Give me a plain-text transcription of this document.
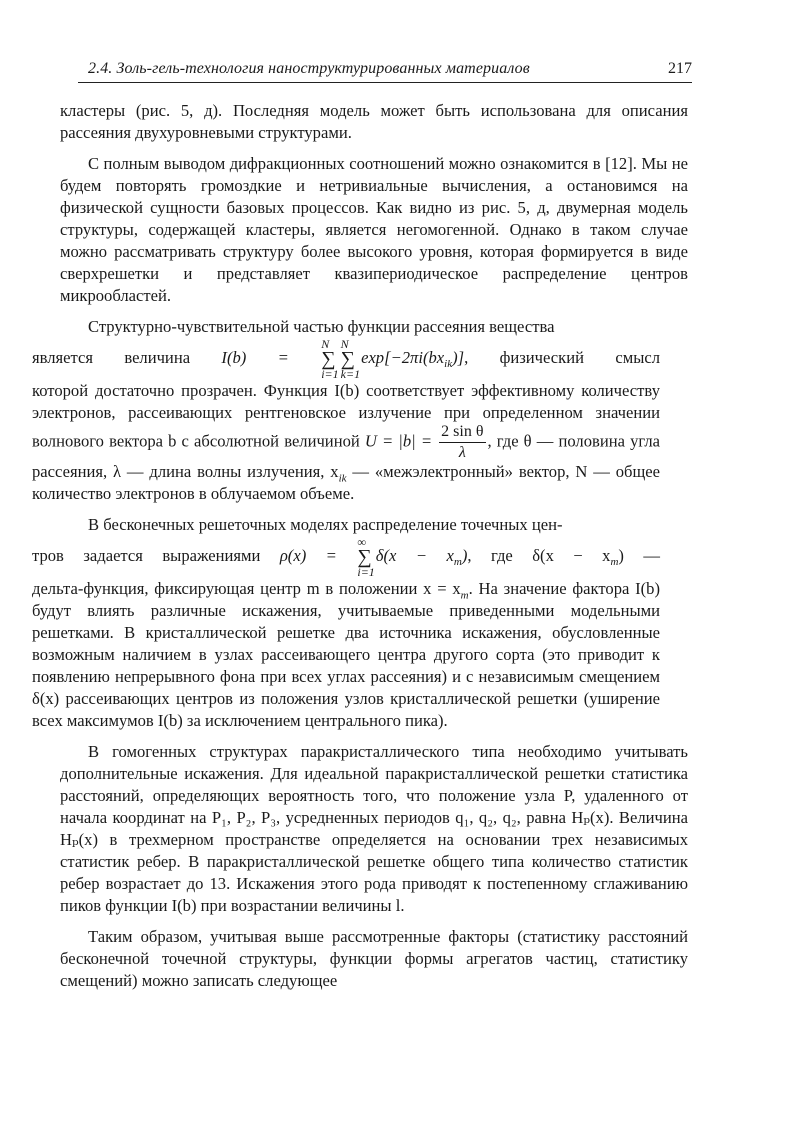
2.4. Золь-гель-технология наноструктурированных материалов	217

кластеры (рис. 5, д). Последняя модель может быть использована для описания рассеяния двухуровневыми структурами.

С полным выводом дифракционных соотношений можно ознакомится в [12]. Мы не будем повторять громоздкие и нетривиальные вычисления, а остановимся на физической сущности базовых процессов. Как видно из рис. 5, д, двумерная модель структуры, содержащей кластеры, является негомогенной. Однако в таком случае можно рассматривать структуру более высокого уровня, которая формируется в виде сверхрешетки и представляет квазипериодическое распределение центров микрообластей.

Структурно-чувствительной частью функции рассеяния вещества
является величина I(b) =
N
∑
i=1
N
∑
k=1
$\exp[-2\pi i(bx_{ik})]$, физический смысл
которой достаточно прозрачен. Функция I(b) соответствует эффективному количеству электронов, рассеивающих рентгеновское излучение при определенном значении волнового вектора b с абсолютной величиной $U = |b| = \frac{\text{2 sin θ}}{\lambda}$ , где θ — половина угла рассеяния, λ — длина волны излучения, $x_{ik}$ — «межэлектронный» вектор, N — общее количество электронов в облучаемом объеме.

В бесконечных решеточных моделях распределение точечных цен-
тров задается выражениями ρ(x) =
∞
∑
i=1
$\delta(x - x_m)$, где $\delta(x - x_m)$ —
дельта-функция, фиксирующая центр m в положении $x = x_m$. На значение фактора I(b) будут влиять различные искажения, учитываемые приведенными модельными решетками. В кристаллической решетке два источника искажения, обусловленные возможным наличием в узлах рассеивающего центра другого сорта (это приводит к появлению непрерывного фона при всех углах рассеяния) и с независимым смещением δ(x) рассеивающих центров из положения узлов кристаллической решетки (уширение всех максимумов I(b) за исключением центрального пика).

В гомогенных структурах паракристаллического типа необходимо учитывать дополнительные искажения. Для идеальной паракристаллической решетки статистика расстояний, определяющих вероятность того, что положение узла P, удаленного от начала координат на P₁, P₂, P₃, усредненных периодов q₁, q₂, q₂, равна Hₚ(x). Величина Hₚ(x) в трехмерном пространстве определяется на основании трех независимых статистик ребер. В паракристаллической решетке общего типа количество статистик ребер возрастает до 13. Искажения этого рода приводят к постепенному сглаживанию пиков функции I(b) при возрастании величины l.

Таким образом, учитывая выше рассмотренные факторы (статистику расстояний бесконечной точечной структуры, функции формы агрегатов частиц, статистику смещений) можно записать следующее
